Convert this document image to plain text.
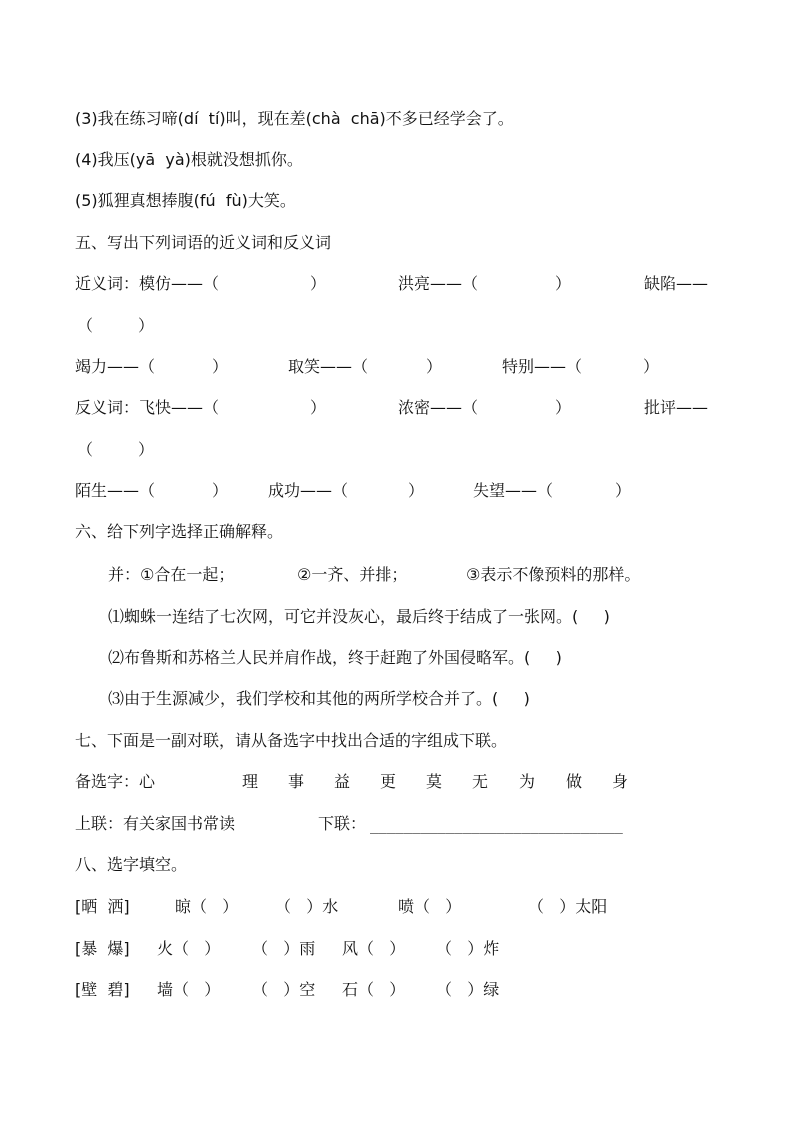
(3)我在练习啼(dí  tí)叫，现在差(chà  chā)不多已经学会了。
(4)我压(yā  yà)根就没想抓你。
(5)狐狸真想捧腹(fú  fù)大笑。
五、写出下列词语的近义词和反义词
近义词：模仿——（	）	洪亮——（	）	缺陷——
（	）
竭力——（	）	取笑——（	）	特别——（	）
反义词：飞快——（	）	浓密——（	）	批评——
（	）
陌生——（	） 成功——（	）	失望——（	）
六、给下列字选择正确解释。
并：①合在一起；	②一齐、并排；	③表示不像预料的那样。
⑴蜘蛛一连结了七次网，可它并没灰心，最后终于结成了一张网。(     )
⑵布鲁斯和苏格兰人民并肩作战，终于赶跑了外国侵略军。(     )
⑶由于生源减少，我们学校和其他的两所学校合并了。(     )
七、下面是一副对联，请从备选字中找出合适的字组成下联。
备选字：心	理 事 益 更 莫 无 为 做 身
上联：有关家国书常读	下联： ______________________________
八、选字填空。
[晒  洒]	晾（   ） （   ）水	喷（   ）	（   ）太阳
[暴  爆] 火（   ） （   ）雨 风（   ） （   ）炸
[壁  碧] 墙（   ） （   ）空 石（   ） （   ）绿
